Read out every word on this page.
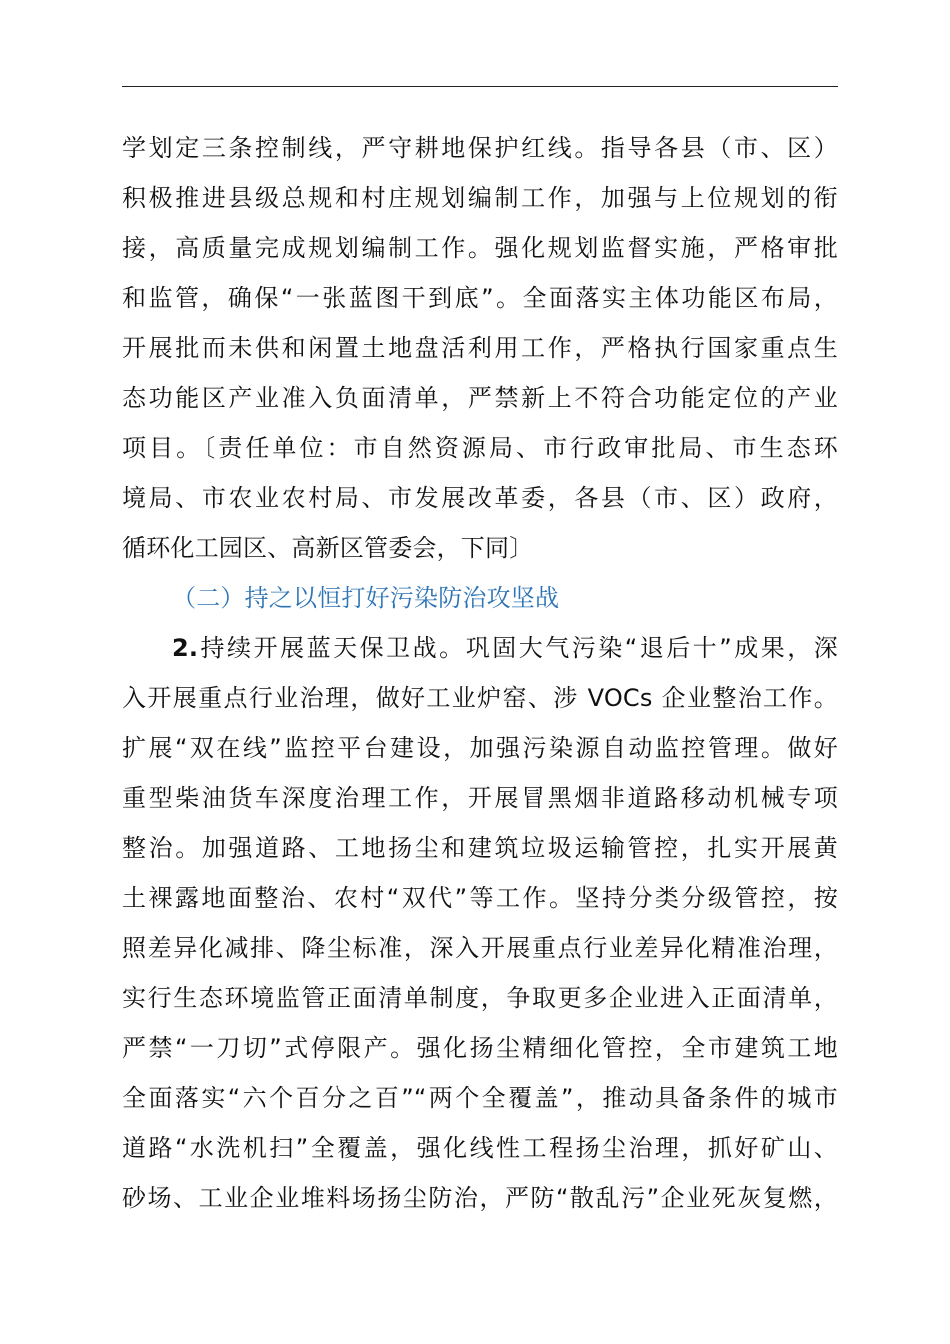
学划定三条控制线，严守耕地保护红线。指导各县（市、区）
积极推进县级总规和村庄规划编制工作，加强与上位规划的衔
接，高质量完成规划编制工作。强化规划监督实施，严格审批
和监管，确保“一张蓝图干到底”。全面落实主体功能区布局，
开展批而未供和闲置土地盘活利用工作，严格执行国家重点生
态功能区产业准入负面清单，严禁新上不符合功能定位的产业
项目。〔责任单位：市自然资源局、市行政审批局、市生态环
境局、市农业农村局、市发展改革委，各县（市、区）政府，
循环化工园区、高新区管委会，下同〕
（二）持之以恒打好污染防治攻坚战
2.持续开展蓝天保卫战。巩固大气污染“退后十”成果，深
入开展重点行业治理，做好工业炉窑、涉 VOCs 企业整治工作。
扩展“双在线”监控平台建设，加强污染源自动监控管理。做好
重型柴油货车深度治理工作，开展冒黑烟非道路移动机械专项
整治。加强道路、工地扬尘和建筑垃圾运输管控，扎实开展黄
土裸露地面整治、农村“双代”等工作。坚持分类分级管控，按
照差异化减排、降尘标准，深入开展重点行业差异化精准治理，
实行生态环境监管正面清单制度，争取更多企业进入正面清单，
严禁“一刀切”式停限产。强化扬尘精细化管控，全市建筑工地
全面落实“六个百分之百”“两个全覆盖”，推动具备条件的城市
道路“水洗机扫”全覆盖，强化线性工程扬尘治理，抓好矿山、
砂场、工业企业堆料场扬尘防治，严防“散乱污”企业死灰复燃，
